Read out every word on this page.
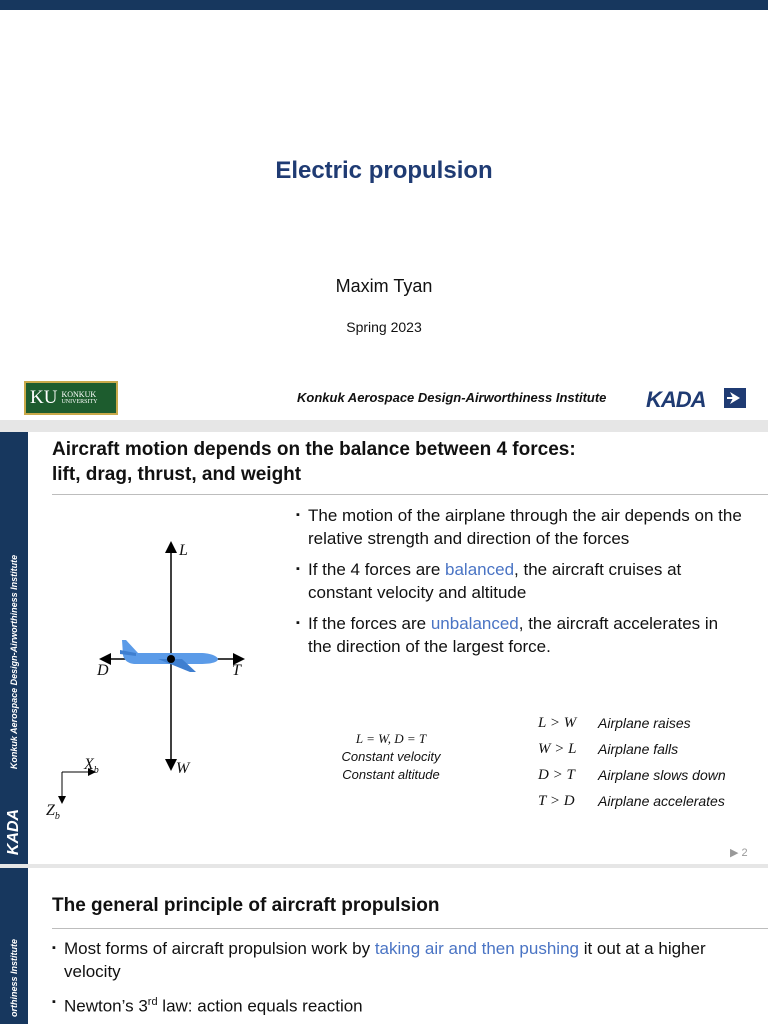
Electric propulsion
Maxim Tyan
Spring 2023
KU KONKUK
UNIVERSITY	Konkuk Aerospace Design-Airworthiness Institute KADA
Konkuk Aerospace Design-Airworthiness Institute
KADA
Aircraft motion depends on the balance between 4 forces:
lift, drag, thrust, and weight
▪ The motion of the airplane through the air depends on the relative strength and direction of the forces
▪ If the 4 forces are balanced, the aircraft cruises at constant velocity and altitude
▪ If the forces are unbalanced, the aircraft accelerates in the direction of the largest force.
L
D	T
W
$X_b$
$Z_b$
L = W, D = T
Constant velocity
Constant altitude
L > W	Airplane raises
W > L	Airplane falls
D > T	Airplane slows down
T > D	Airplane accelerates
▶ 2
orthiness Institute
The general principle of aircraft propulsion
▪ Most forms of aircraft propulsion work by taking air and then pushing it out at a higher velocity
▪ Newton’s 3rd law: action equals reaction
